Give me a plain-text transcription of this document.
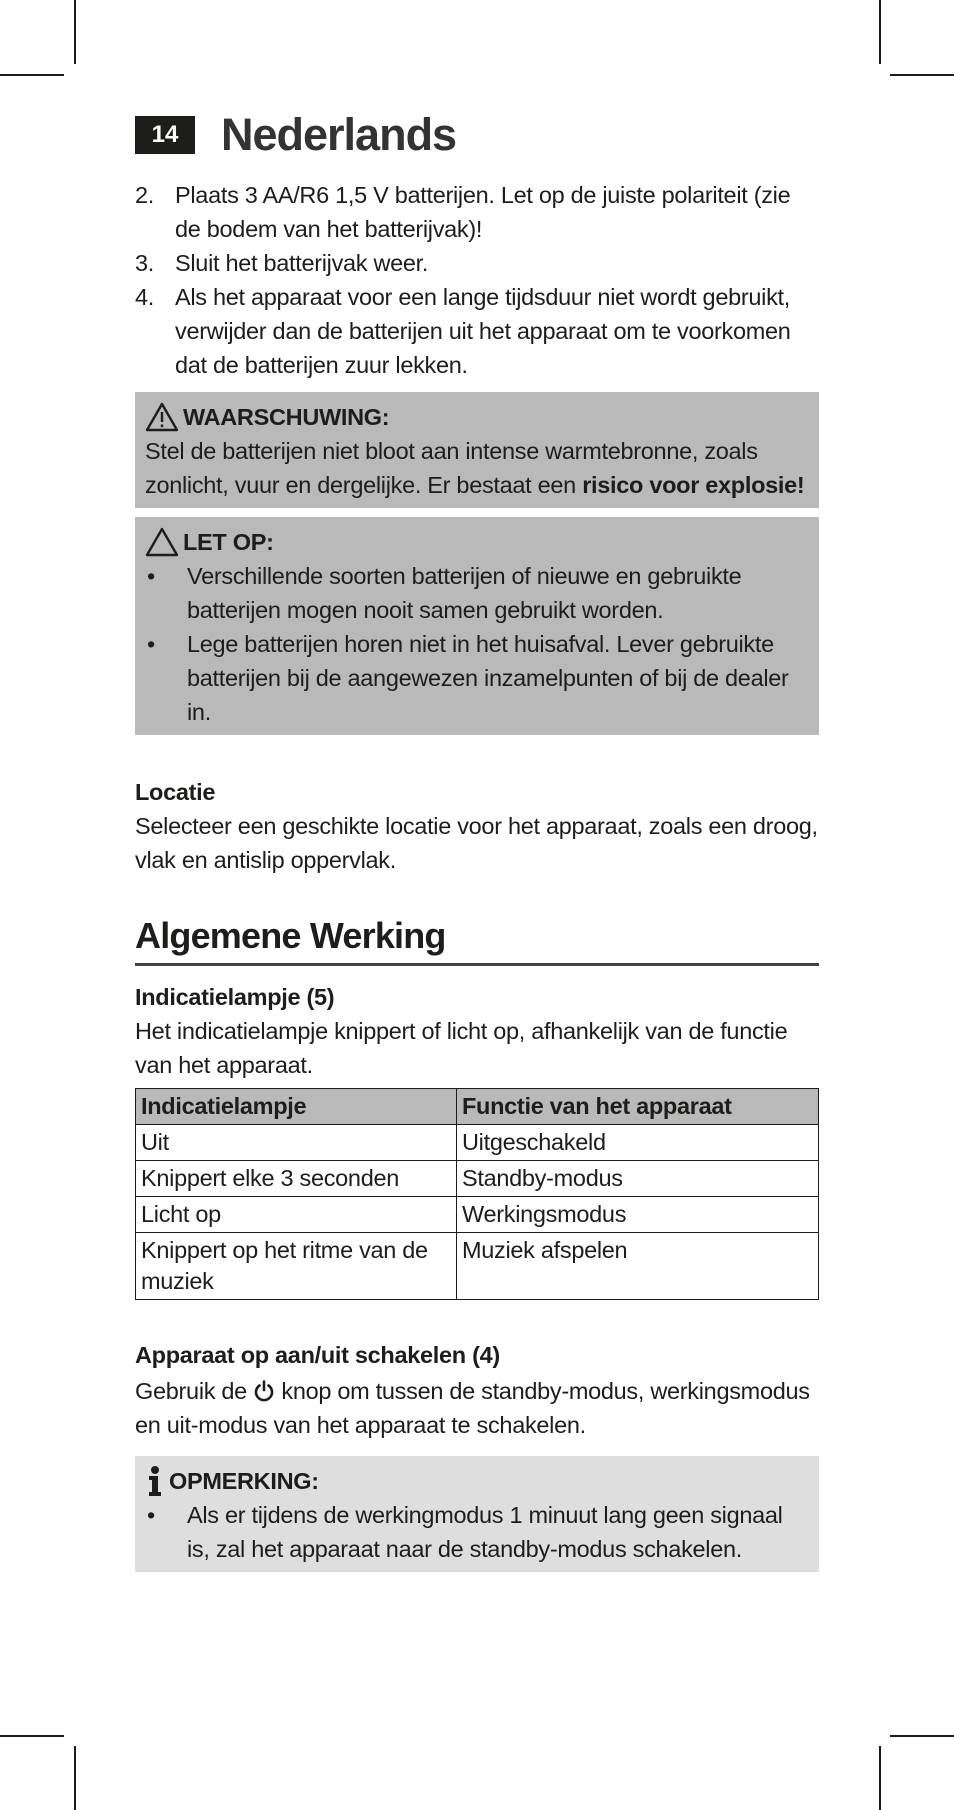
14 Nederlands
2. Plaats 3 AA/R6 1,5 V batterijen. Let op de juiste polariteit (zie de bodem van het batterijvak)!
3. Sluit het batterijvak weer.
4. Als het apparaat voor een lange tijdsduur niet wordt gebruikt, verwijder dan de batterijen uit het apparaat om te voorkomen dat de batterijen zuur lekken.
WAARSCHUWING:
Stel de batterijen niet bloot aan intense warmtebronne, zoals zonlicht, vuur en dergelijke. Er bestaat een risico voor explosie!
LET OP:
•	Verschillende soorten batterijen of nieuwe en gebruikte batterijen mogen nooit samen gebruikt worden.
•	Lege batterijen horen niet in het huisafval. Lever gebruikte batterijen bij de aangewezen inzamelpunten of bij de dealer in.
Locatie
Selecteer een geschikte locatie voor het apparaat, zoals een droog, vlak en antislip oppervlak.
Algemene Werking
Indicatielampje (5)
Het indicatielampje knippert of licht op, afhankelijk van de functie van het apparaat.
Indicatielampje	Functie van het apparaat
Uit	Uitgeschakeld
Knippert elke 3 seconden	Standby-modus
Licht op	Werkingsmodus
Knippert op het ritme van de muziek	Muziek afspelen
Apparaat op aan/uit schakelen (4)
Gebruik de  knop om tussen de standby-modus, werkingsmodus en uit-modus van het apparaat te schakelen.
OPMERKING:
•	Als er tijdens de werkingmodus 1 minuut lang geen signaal is, zal het apparaat naar de standby-modus schakelen.
